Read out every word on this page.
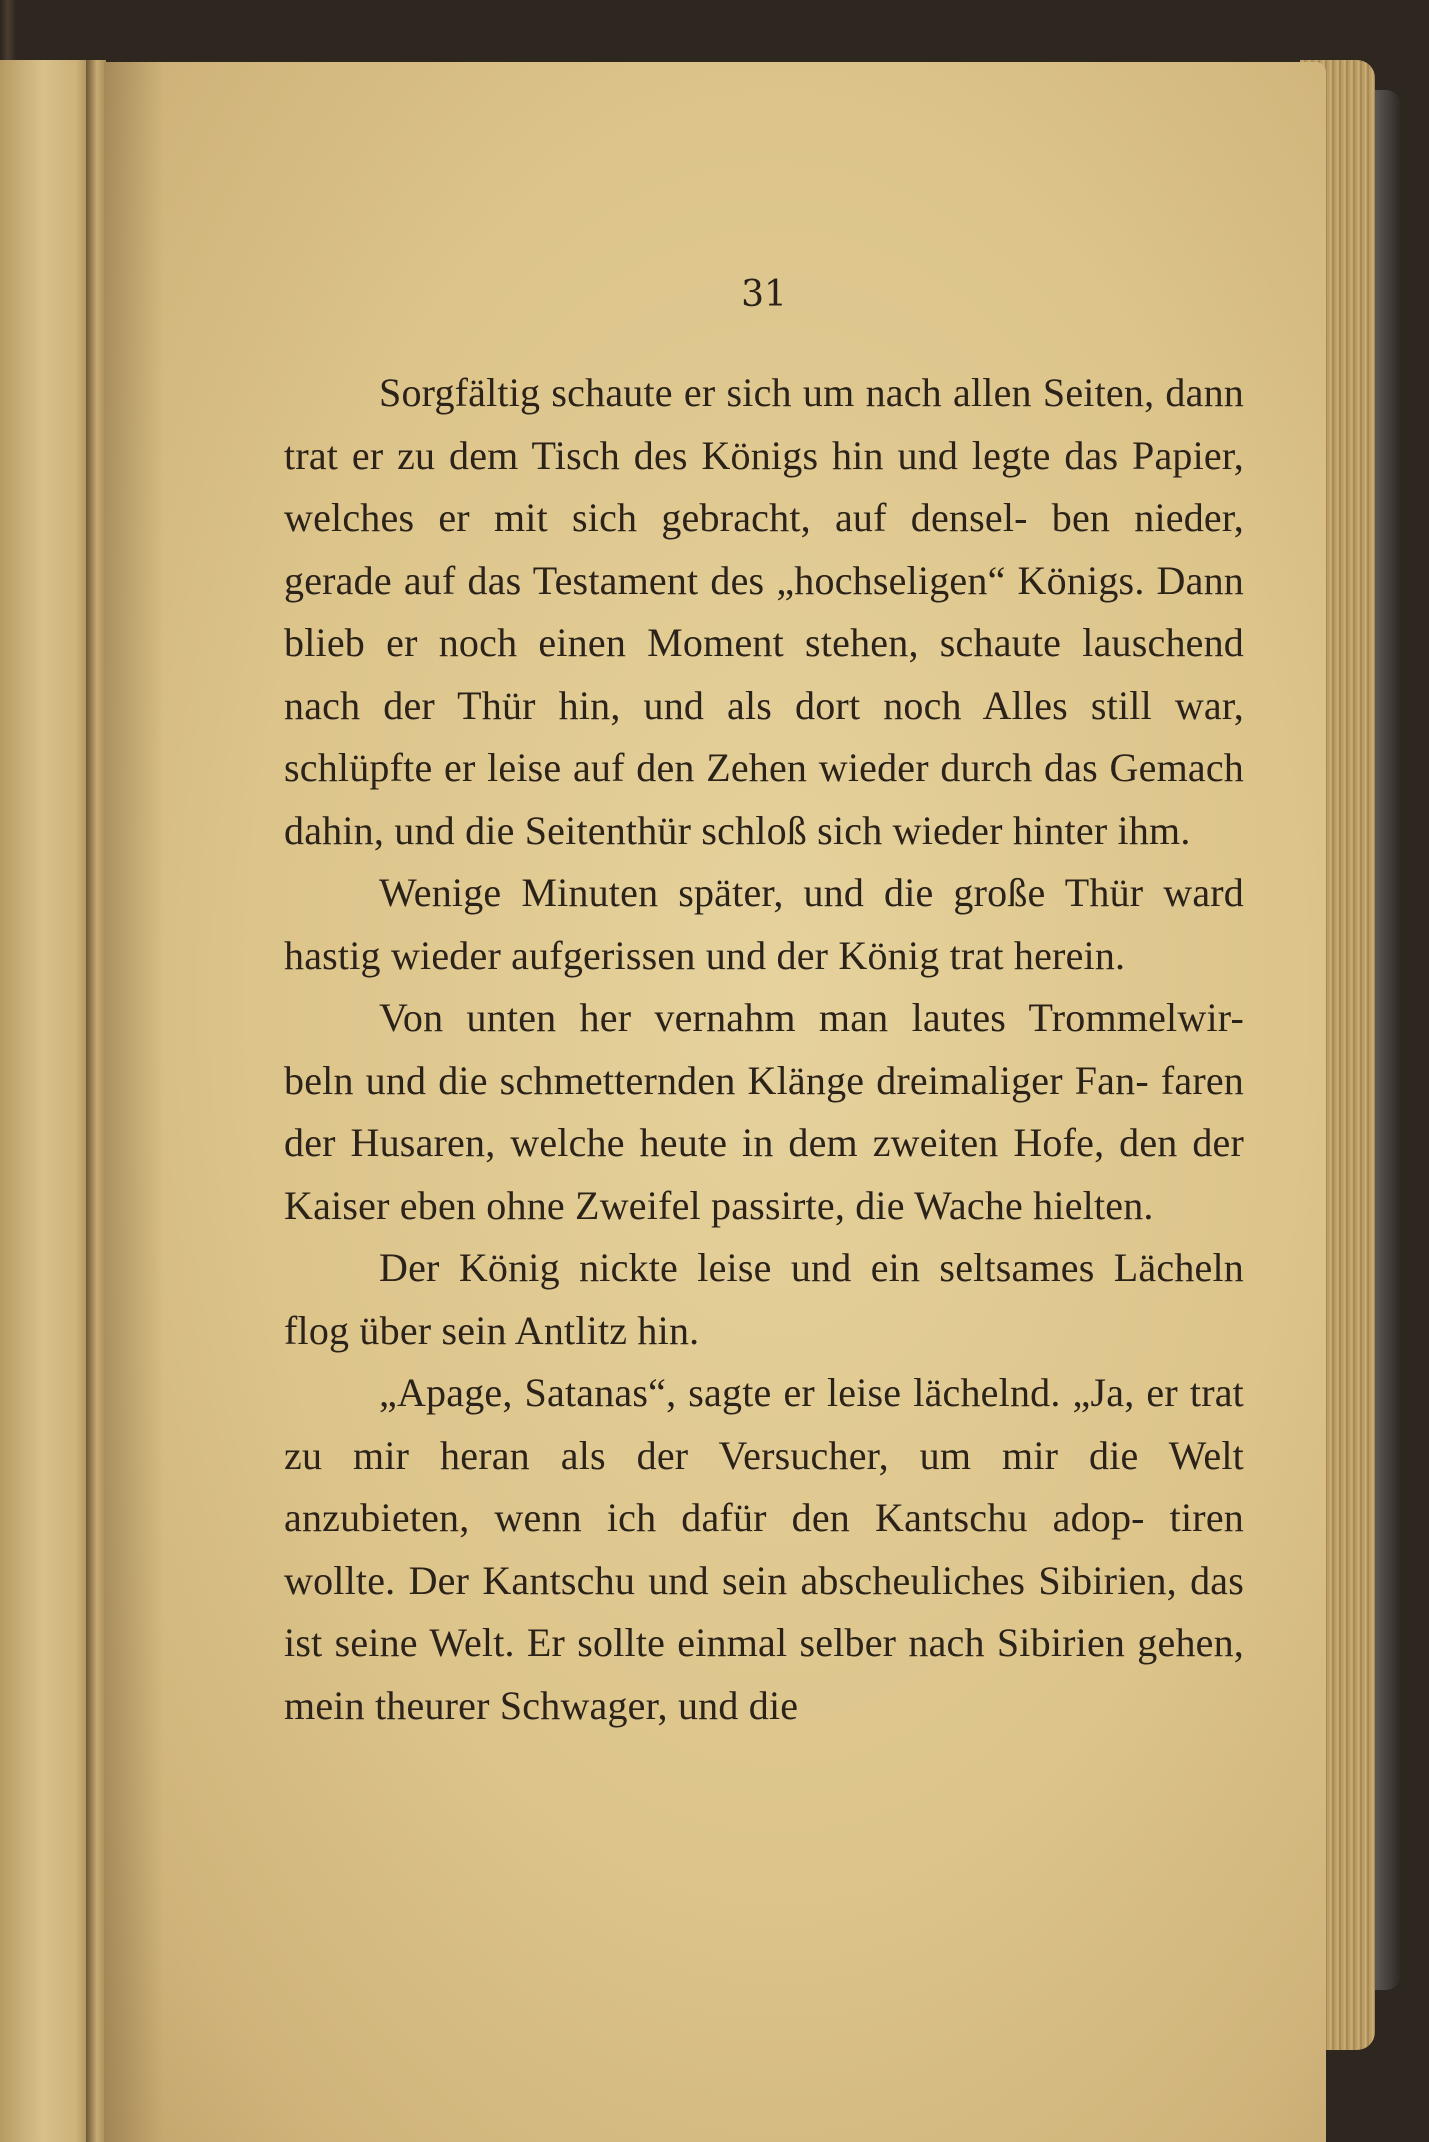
31

Sorgfältig schaute er sich um nach allen Seiten, dann trat er zu dem Tisch des Königs hin und legte das Papier, welches er mit sich gebracht, auf densel- ben nieder, gerade auf das Testament des „hochseligen“ Königs. Dann blieb er noch einen Moment stehen, schaute lauschend nach der Thür hin, und als dort noch Alles still war, schlüpfte er leise auf den Zehen wieder durch das Gemach dahin, und die Seitenthür schloß sich wieder hinter ihm.

Wenige Minuten später, und die große Thür ward hastig wieder aufgerissen und der König trat herein.

Von unten her vernahm man lautes Trommelwir- beln und die schmetternden Klänge dreimaliger Fan- faren der Husaren, welche heute in dem zweiten Hofe, den der Kaiser eben ohne Zweifel passirte, die Wache hielten.

Der König nickte leise und ein seltsames Lächeln flog über sein Antlitz hin.

„Apage, Satanas“, sagte er leise lächelnd. „Ja, er trat zu mir heran als der Versucher, um mir die Welt anzubieten, wenn ich dafür den Kantschu adop- tiren wollte. Der Kantschu und sein abscheuliches Sibirien, das ist seine Welt. Er sollte einmal selber nach Sibirien gehen, mein theurer Schwager, und die
